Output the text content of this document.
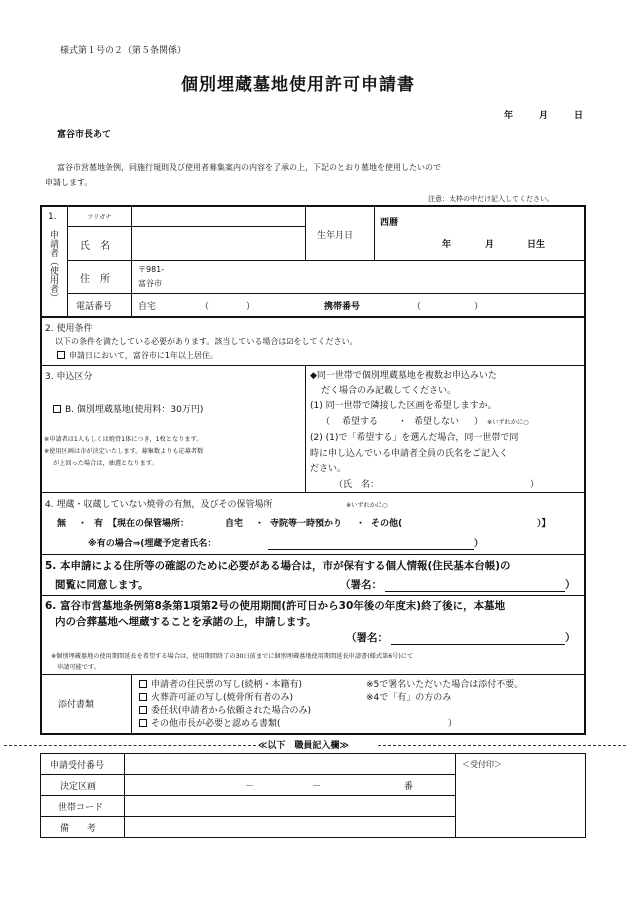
様式第１号の２（第５条関係）
個別埋蔵墓地使用許可申請書
年	月	日
富谷市長あて
富谷市営墓地条例，同施行規則及び使用者募集案内の内容を了承の上，下記のとおり墓地を使用したいので
申請します。
注意：太枠の中だけ記入してください。
1.
申請者（使用者）
フリガナ
氏　名
生年月日
西暦
年	月	日生
住　所
〒981-
富谷市
電話番号	自宅	（	）	携帯番号	（	）
2. 使用条件
以下の条件を満たしている必要があります。該当している場合は☑をしてください。
申請日において，富谷市に1年以上居住。
3. 申込区分
B. 個別埋蔵墓地(使用料：30万円)
※申請者は1人もしくは焼骨1体につき，1枚となります。
※使用区画は市が決定いたします。募集数よりも応募者数
が上回った場合は，抽選となります。
◆同一世帯で個別埋蔵墓地を複数お申込みいた
だく場合のみ記載してください。
(1) 同一世帯で隣接した区画を希望しますか。
（ 希望する ・ 希望しない ） ※いずれかに○
(2) (1)で「希望する」を選んだ場合，同一世帯で同
時に申し込んでいる申請者全員の氏名をご記入く
ださい。
（氏　名：	）
4. 埋蔵・収蔵していない焼骨の有無，及びその保管場所	※いずれかに○
無 ・ 有 【現在の保管場所：	自宅 ・ 寺院等一時預かり ・ その他(	）】
※有の場合⇒(埋蔵予定者氏名：	）
5. 本申請による住所等の確認のために必要がある場合は，市が保有する個人情報(住民基本台帳)の
閲覧に同意します。	（署名：	）
6. 富谷市営墓地条例第8条第1項第2号の使用期間(許可日から30年後の年度末)終了後に，本墓地
内の合葬墓地へ埋蔵することを承諾の上，申請します。
（署名：	）
※個別埋蔵墓地の使用期間延長を希望する場合は，使用期間終了の30日前までに個別埋蔵墓地使用期間延長申請書(様式第6号)にて
申請可能です。
添付書類
申請者の住民票の写し(続柄・本籍有)	※5で署名いただいた場合は添付不要。
火葬許可証の写し(焼骨所有者のみ)	※4で「有」の方のみ
委任状(申請者から依頼された場合のみ)
その他市長が必要と認める書類(	）
≪以下　職員記入欄≫
申請受付番号
決定区画	－	－	番
世帯コード
備　　考
＜受付印＞
